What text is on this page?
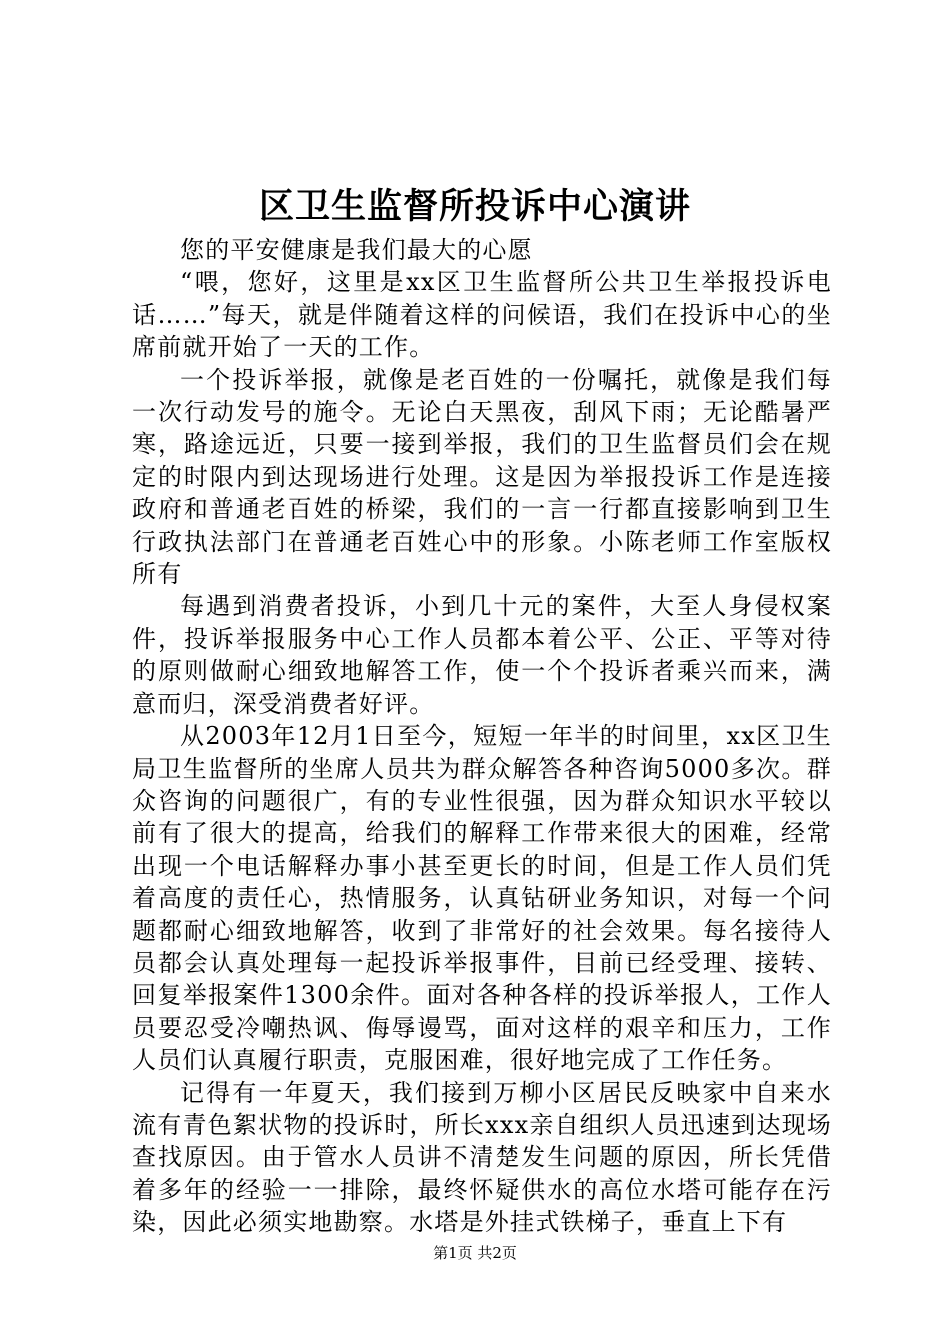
区卫生监督所投诉中心演讲

您的平安健康是我们最大的心愿

“喂，您好，这里是xx区卫生监督所公共卫生举报投诉电话……”每天，就是伴随着这样的问候语，我们在投诉中心的坐席前就开始了一天的工作。

一个投诉举报，就像是老百姓的一份嘱托，就像是我们每一次行动发号的施令。无论白天黑夜，刮风下雨；无论酷暑严寒，路途远近，只要一接到举报，我们的卫生监督员们会在规定的时限内到达现场进行处理。这是因为举报投诉工作是连接政府和普通老百姓的桥梁，我们的一言一行都直接影响到卫生行政执法部门在普通老百姓心中的形象。小陈老师工作室版权所有

每遇到消费者投诉，小到几十元的案件，大至人身侵权案件，投诉举报服务中心工作人员都本着公平、公正、平等对待的原则做耐心细致地解答工作，使一个个投诉者乘兴而来，满意而归，深受消费者好评。

从2003年12月1日至今，短短一年半的时间里，xx区卫生局卫生监督所的坐席人员共为群众解答各种咨询5000多次。群众咨询的问题很广，有的专业性很强，因为群众知识水平较以前有了很大的提高，给我们的解释工作带来很大的困难，经常出现一个电话解释办事小甚至更长的时间，但是工作人员们凭着高度的责任心，热情服务，认真钻研业务知识，对每一个问题都耐心细致地解答，收到了非常好的社会效果。每名接待人员都会认真处理每一起投诉举报事件，目前已经受理、接转、回复举报案件1300余件。面对各种各样的投诉举报人，工作人员要忍受冷嘲热讽、侮辱谩骂，面对这样的艰辛和压力，工作人员们认真履行职责，克服困难，很好地完成了工作任务。

记得有一年夏天，我们接到万柳小区居民反映家中自来水流有青色絮状物的投诉时，所长xxx亲自组织人员迅速到达现场查找原因。由于管水人员讲不清楚发生问题的原因，所长凭借着多年的经验一一排除，最终怀疑供水的高位水塔可能存在污染，因此必须实地勘察。水塔是外挂式铁梯子，垂直上下有

第1页 共2页
